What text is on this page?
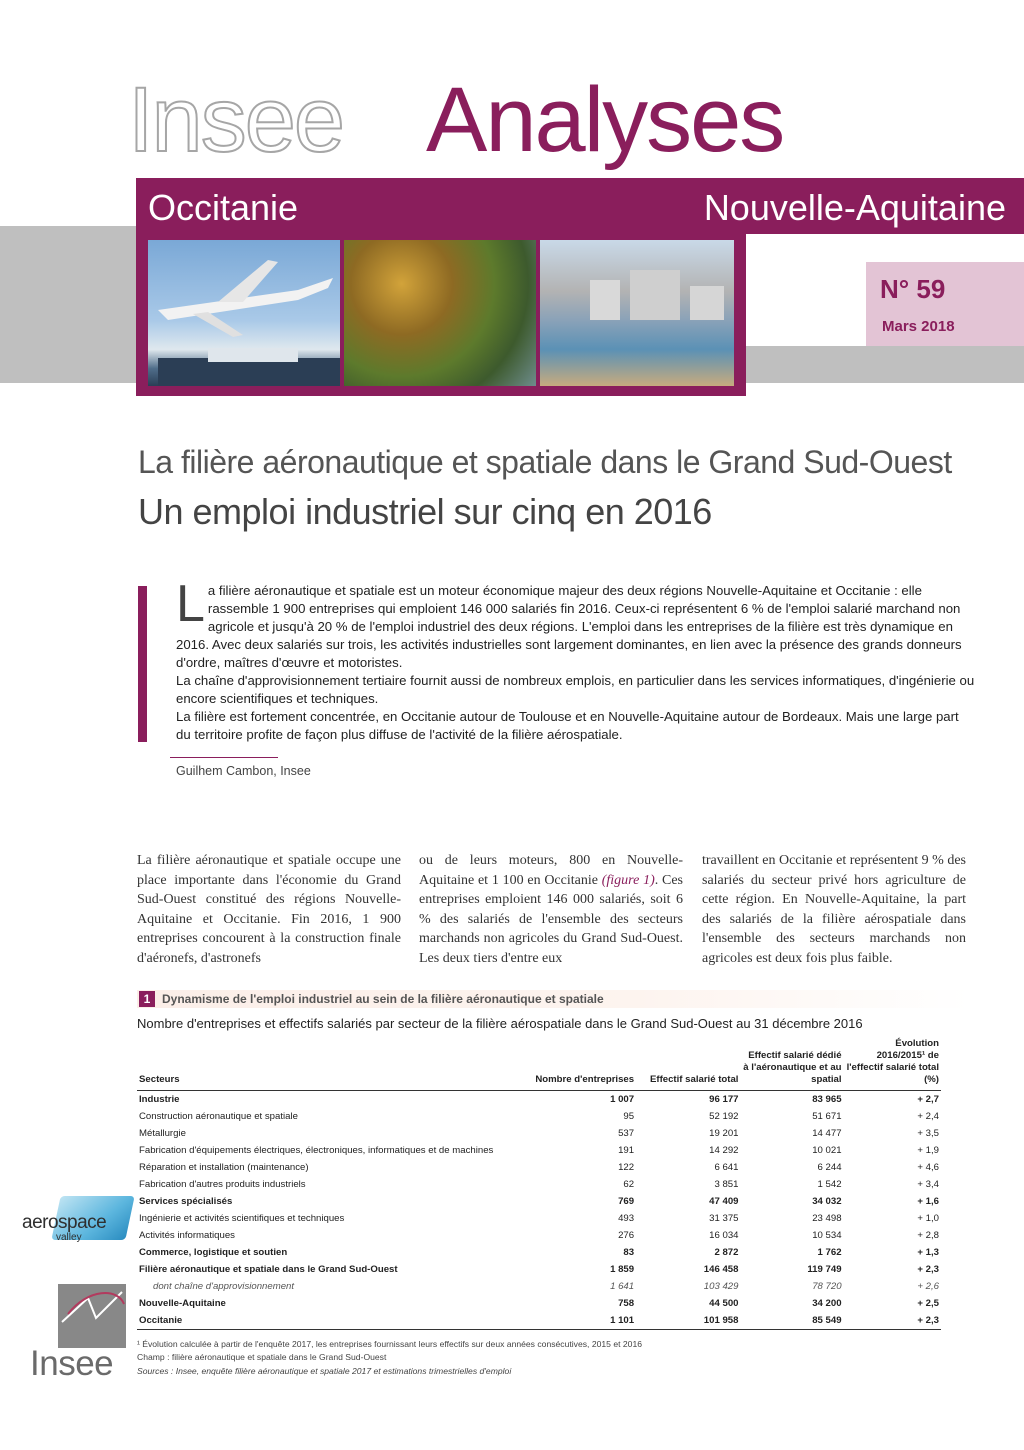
Insee Analyses
Occitanie	Nouvelle-Aquitaine
N° 59
Mars 2018
La filière aéronautique et spatiale dans le Grand Sud-Ouest
Un emploi industriel sur cinq en 2016
La filière aéronautique et spatiale est un moteur économique majeur des deux régions Nouvelle-Aquitaine et Occitanie : elle rassemble 1 900 entreprises qui emploient 146 000 salariés fin 2016. Ceux-ci représentent 6 % de l'emploi salarié marchand non agricole et jusqu'à 20 % de l'emploi industriel des deux régions. L'emploi dans les entreprises de la filière est très dynamique en 2016. Avec deux salariés sur trois, les activités industrielles sont largement dominantes, en lien avec la présence des grands donneurs d'ordre, maîtres d'œuvre et motoristes.
La chaîne d'approvisionnement tertiaire fournit aussi de nombreux emplois, en particulier dans les services informatiques, d'ingénierie ou encore scientifiques et techniques.
La filière est fortement concentrée, en Occitanie autour de Toulouse et en Nouvelle-Aquitaine autour de Bordeaux. Mais une large part du territoire profite de façon plus diffuse de l'activité de la filière aérospatiale.
Guilhem Cambon, Insee
La filière aéronautique et spatiale occupe une place importante dans l'économie du Grand Sud-Ouest constitué des régions Nouvelle-Aquitaine et Occitanie. Fin 2016, 1 900 entreprises concourent à la construction finale d'aéronefs, d'astronefs
ou de leurs moteurs, 800 en Nouvelle-Aquitaine et 1 100 en Occitanie (figure 1). Ces entreprises emploient 146 000 salariés, soit 6 % des salariés de l'ensemble des secteurs marchands non agricoles du Grand Sud-Ouest. Les deux tiers d'entre eux
travaillent en Occitanie et représentent 9 % des salariés du secteur privé hors agriculture de cette région. En Nouvelle-Aquitaine, la part des salariés de la filière aérospatiale dans l'ensemble des secteurs marchands non agricoles est deux fois plus faible.
1 Dynamisme de l'emploi industriel au sein de la filière aéronautique et spatiale
Nombre d'entreprises et effectifs salariés par secteur de la filière aérospatiale dans le Grand Sud-Ouest au 31 décembre 2016
Secteurs	Nombre d'entreprises	Effectif salarié total	Effectif salarié dédié à l'aéronautique et au spatial	Évolution 2016/2015¹ de l'effectif salarié total (%)
Industrie	1 007	96 177	83 965	+ 2,7
Construction aéronautique et spatiale	95	52 192	51 671	+ 2,4
Métallurgie	537	19 201	14 477	+ 3,5
Fabrication d'équipements électriques, électroniques, informatiques et de machines	191	14 292	10 021	+ 1,9
Réparation et installation (maintenance)	122	6 641	6 244	+ 4,6
Fabrication d'autres produits industriels	62	3 851	1 542	+ 3,4
Services spécialisés	769	47 409	34 032	+ 1,6
Ingénierie et activités scientifiques et techniques	493	31 375	23 498	+ 1,0
Activités informatiques	276	16 034	10 534	+ 2,8
Commerce, logistique et soutien	83	2 872	1 762	+ 1,3
Filière aéronautique et spatiale dans le Grand Sud-Ouest	1 859	146 458	119 749	+ 2,3
dont chaîne d'approvisionnement	1 641	103 429	78 720	+ 2,6
Nouvelle-Aquitaine	758	44 500	34 200	+ 2,5
Occitanie	1 101	101 958	85 549	+ 2,3
¹ Évolution calculée à partir de l'enquête 2017, les entreprises fournissant leurs effectifs sur deux années consécutives, 2015 et 2016
Champ : filière aéronautique et spatiale dans le Grand Sud-Ouest
Sources : Insee, enquête filière aéronautique et spatiale 2017 et estimations trimestrielles d'emploi
aerospace
valley
Insee
